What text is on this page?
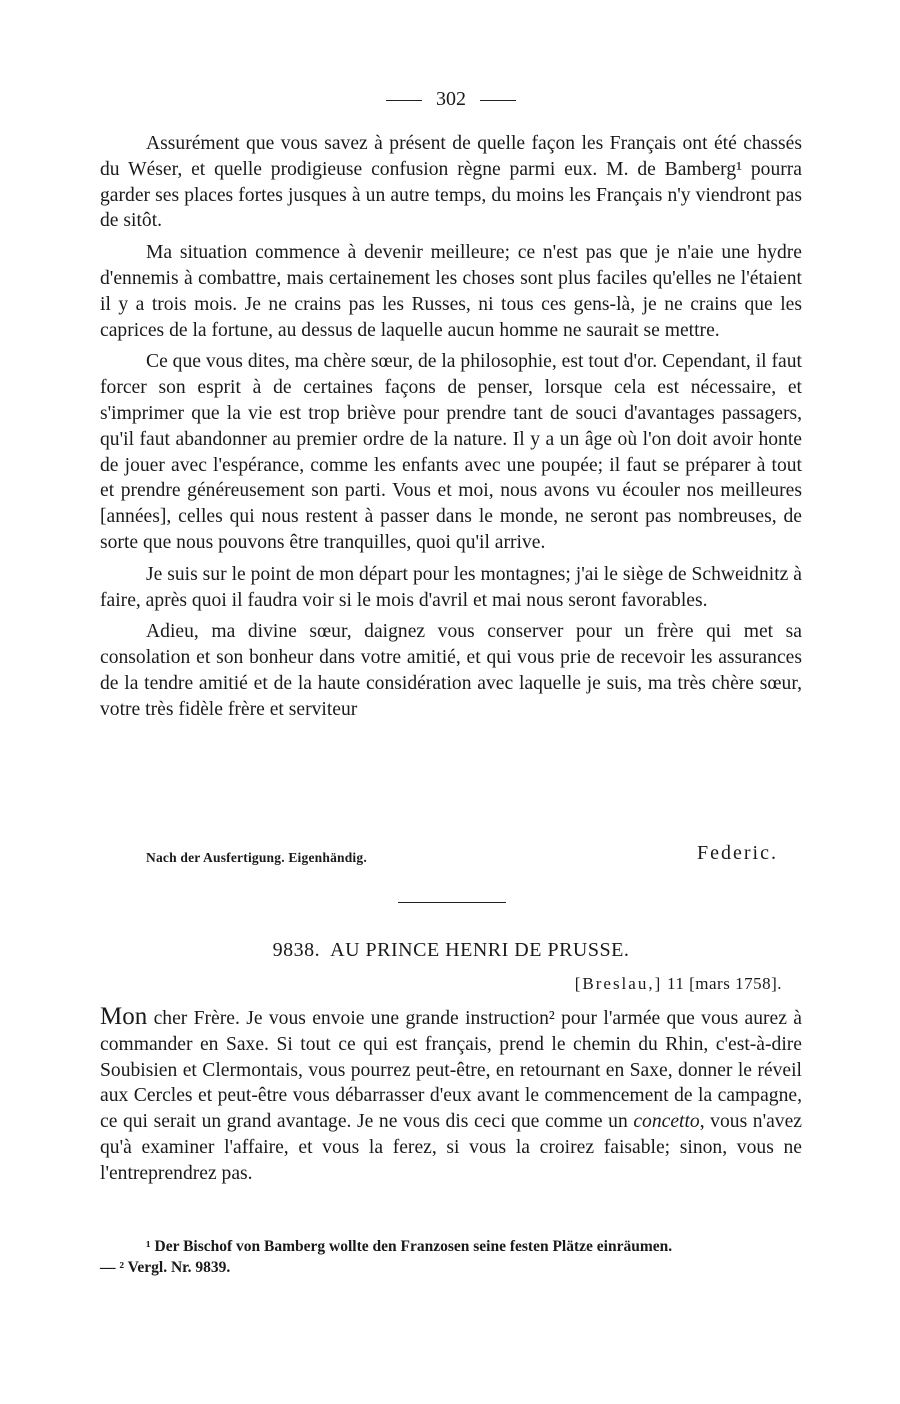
302

Assurément que vous savez à présent de quelle façon les Français ont été chassés du Wéser, et quelle prodigieuse confusion règne parmi eux. M. de Bamberg¹ pourra garder ses places fortes jusques à un autre temps, du moins les Français n'y viendront pas de sitôt.

Ma situation commence à devenir meilleure; ce n'est pas que je n'aie une hydre d'ennemis à combattre, mais certainement les choses sont plus faciles qu'elles ne l'étaient il y a trois mois. Je ne crains pas les Russes, ni tous ces gens-là, je ne crains que les caprices de la fortune, au dessus de laquelle aucun homme ne saurait se mettre.

Ce que vous dites, ma chère sœur, de la philosophie, est tout d'or. Cependant, il faut forcer son esprit à de certaines façons de penser, lorsque cela est nécessaire, et s'imprimer que la vie est trop briève pour prendre tant de souci d'avantages passagers, qu'il faut abandonner au premier ordre de la nature. Il y a un âge où l'on doit avoir honte de jouer avec l'espérance, comme les enfants avec une poupée; il faut se préparer à tout et prendre généreusement son parti. Vous et moi, nous avons vu écouler nos meilleures [années], celles qui nous restent à passer dans le monde, ne seront pas nombreuses, de sorte que nous pouvons être tranquilles, quoi qu'il arrive.

Je suis sur le point de mon départ pour les montagnes; j'ai le siège de Schweidnitz à faire, après quoi il faudra voir si le mois d'avril et mai nous seront favorables.

Adieu, ma divine sœur, daignez vous conserver pour un frère qui met sa consolation et son bonheur dans votre amitié, et qui vous prie de recevoir les assurances de la tendre amitié et de la haute considération avec laquelle je suis, ma très chère sœur, votre très fidèle frère et serviteur

Nach der Ausfertigung. Eigenhändig.	Federic.
9838. AU PRINCE HENRI DE PRUSSE.
[Breslau,] 11 [mars 1758].

Mon cher Frère. Je vous envoie une grande instruction² pour l'armée que vous aurez à commander en Saxe. Si tout ce qui est français, prend le chemin du Rhin, c'est-à-dire Soubisien et Clermontais, vous pourrez peut-être, en retournant en Saxe, donner le réveil aux Cercles et peut-être vous débarrasser d'eux avant le commencement de la campagne, ce qui serait un grand avantage. Je ne vous dis ceci que comme un concetto, vous n'avez qu'à examiner l'affaire, et vous la ferez, si vous la croirez faisable; sinon, vous ne l'entreprendrez pas.

¹ Der Bischof von Bamberg wollte den Franzosen seine festen Plätze einräumen.

— ² Vergl. Nr. 9839.
